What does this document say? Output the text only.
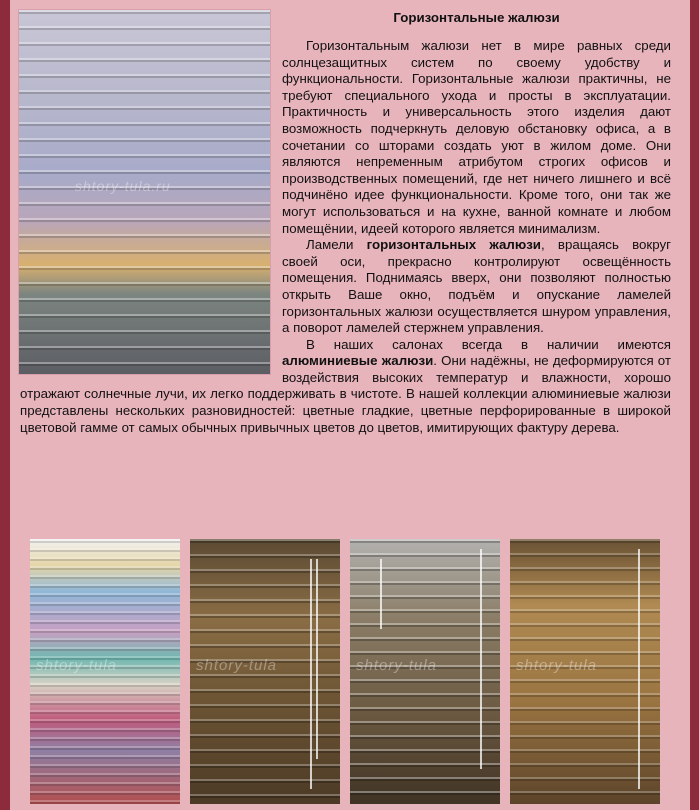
shtory-tula.ru
Горизонтальные жалюзи

Горизонтальным жалюзи нет в мире равных среди солнцезащитных систем по своему удобству и функциональности. Горизонтальные жалюзи практичны, не требуют специального ухода и просты в эксплуатации. Практичность и универсальность этого изделия дают возможность подчеркнуть деловую обстановку офиса, а в сочетании со шторами создать уют в жилом доме. Они являются непременным атрибутом строгих офисов и производственных помещений, где нет ничего лишнего и всё подчинёно идее функциональности. Кроме того, они так же могут использоваться и на кухне, ванной комнате и любом помещёнии, идеей которого является минимализм.

Ламели горизонтальных жалюзи, вращаясь вокруг своей оси, прекрасно контролируют освещённость помещения. Поднимаясь вверх, они позволяют полностью открыть Ваше окно, подъём и опускание ламелей горизонтальных жалюзи осуществляется шнуром управления, а поворот ламелей стержнем управления.

В наших салонах всегда в наличии имеются алюминиевые жалюзи. Они надёжны, не деформируются от воздействия высоких температур и влажности, хорошо отражают солнечные лучи, их легко поддерживать в чистоте. В нашей коллекции алюминиевые жалюзи представлены нескольких разновидностей: цветные гладкие, цветные перфорированные в широкой цветовой гамме от самых обычных привычных цветов до цветов, имитирующих фактуру дерева.

shtory-tula	shtory-tula	shtory-tula	shtory-tula
